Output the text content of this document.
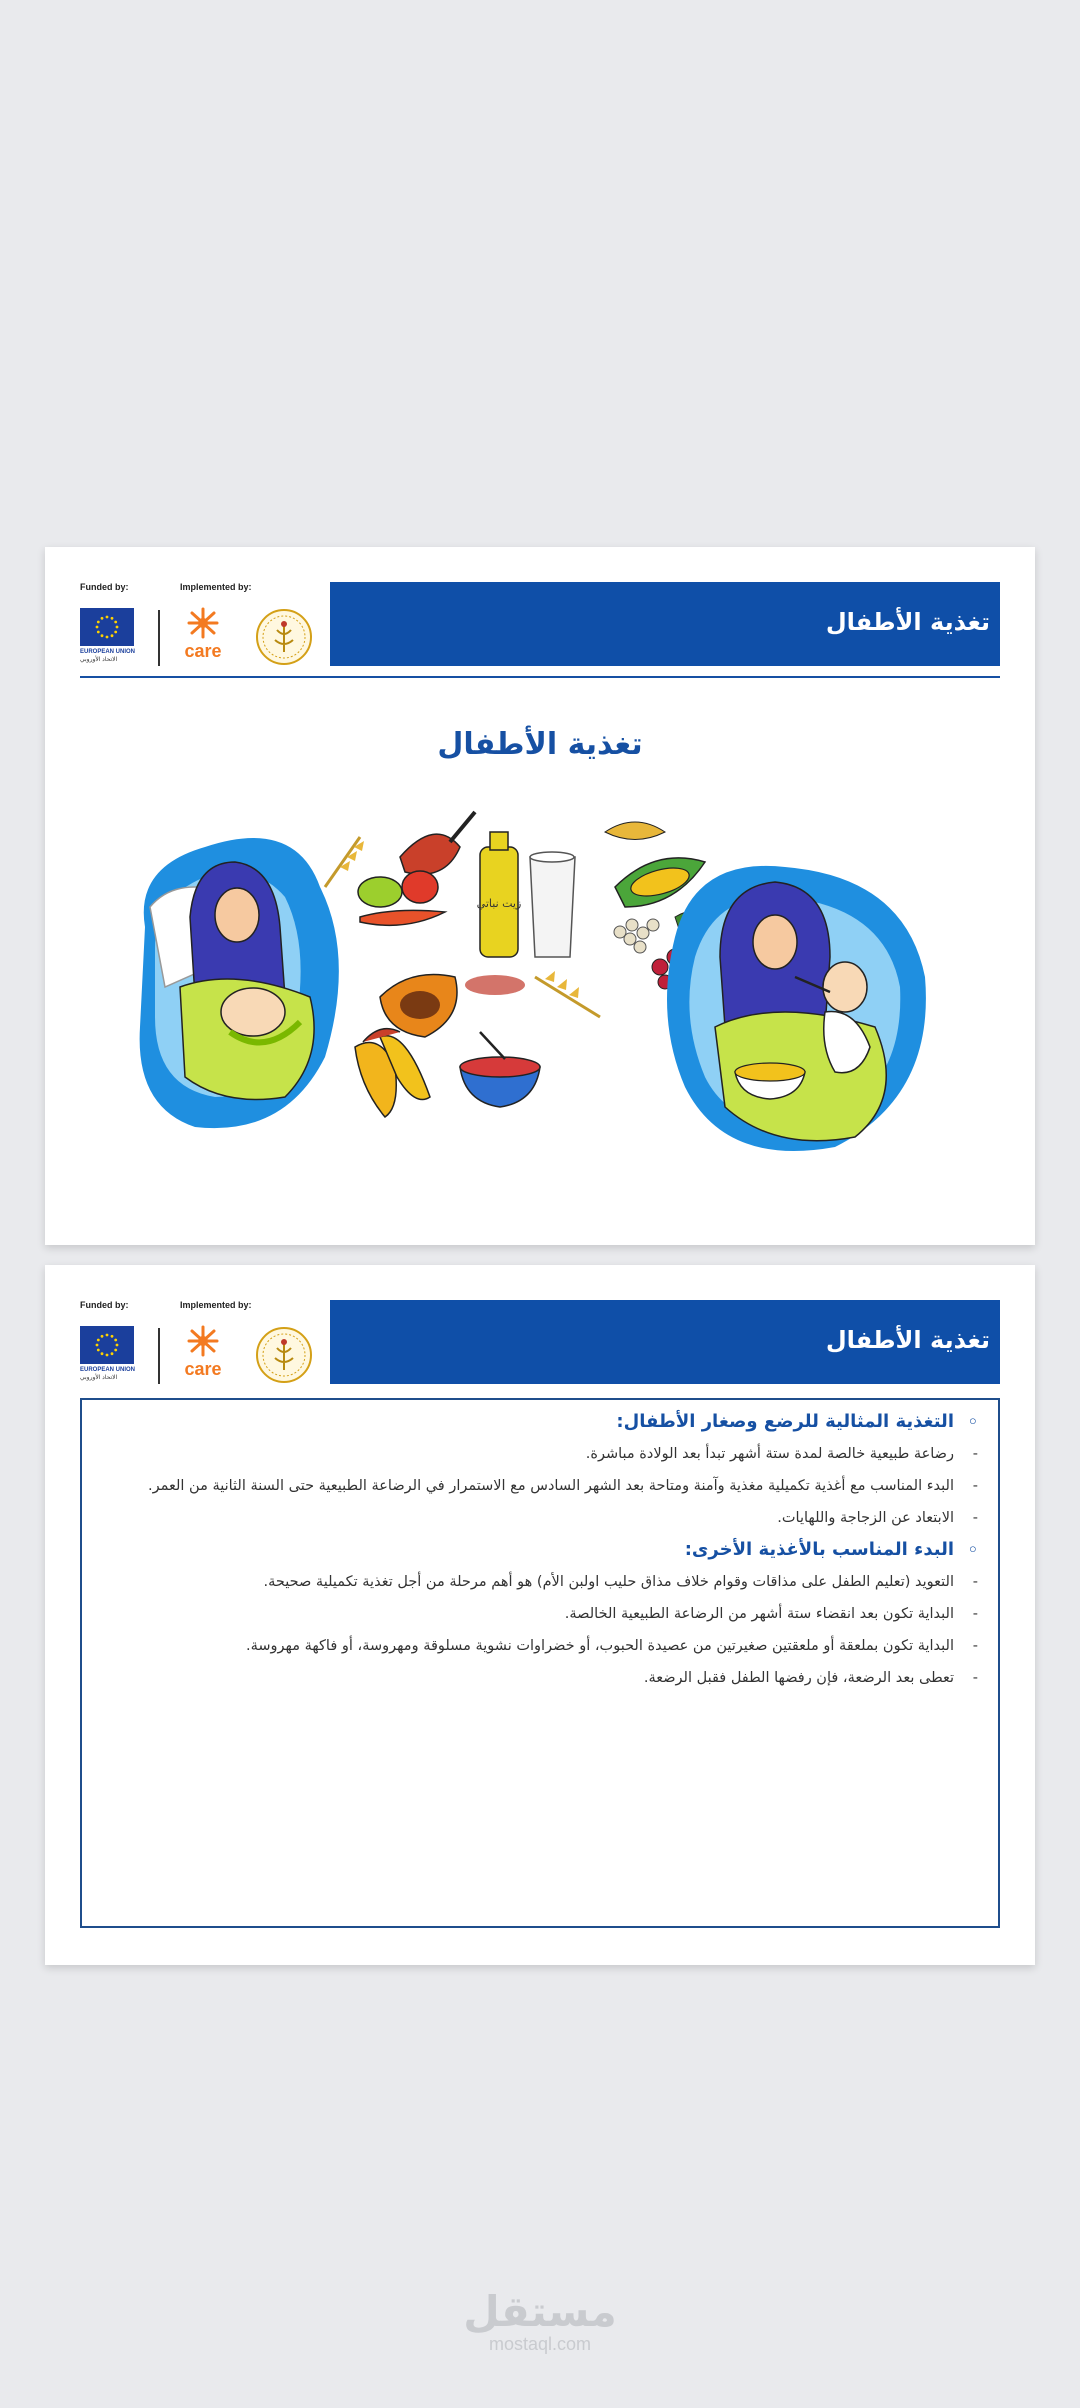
Funded by:	Implemented by:
EUROPEAN UNION
الاتحاد الأوروبي	care
تغذية الأطفال
تغذية الأطفال
زيت نباتي
Funded by:	Implemented by:
EUROPEAN UNION
الاتحاد الأوروبي	care
تغذية الأطفال
◦ التغذية المثالية للرضع وصغار الأطفال:
- رضاعة طبيعية خالصة لمدة ستة أشهر تبدأ بعد الولادة مباشرة.
- البدء المناسب مع أغذية تكميلية مغذية وآمنة ومتاحة بعد الشهر السادس مع الاستمرار في الرضاعة الطبيعية حتى السنة الثانية من العمر.
- الابتعاد عن الزجاجة واللهايات.
◦ البدء المناسب بالأغذية الأخرى:
- التعويد (تعليم الطفل على مذاقات وقوام خلاف مذاق حليب اولبن الأم) هو أهم مرحلة من أجل تغذية تكميلية صحيحة.
- البداية تكون بعد انقضاء ستة أشهر من الرضاعة الطبيعية الخالصة.
- البداية تكون بملعقة أو ملعقتين صغيرتين من عصيدة الحبوب، أو خضراوات نشوية مسلوقة ومهروسة، أو فاكهة مهروسة.
- تعطى بعد الرضعة، فإن رفضها الطفل فقبل الرضعة.
مستقل
mostaql.com
